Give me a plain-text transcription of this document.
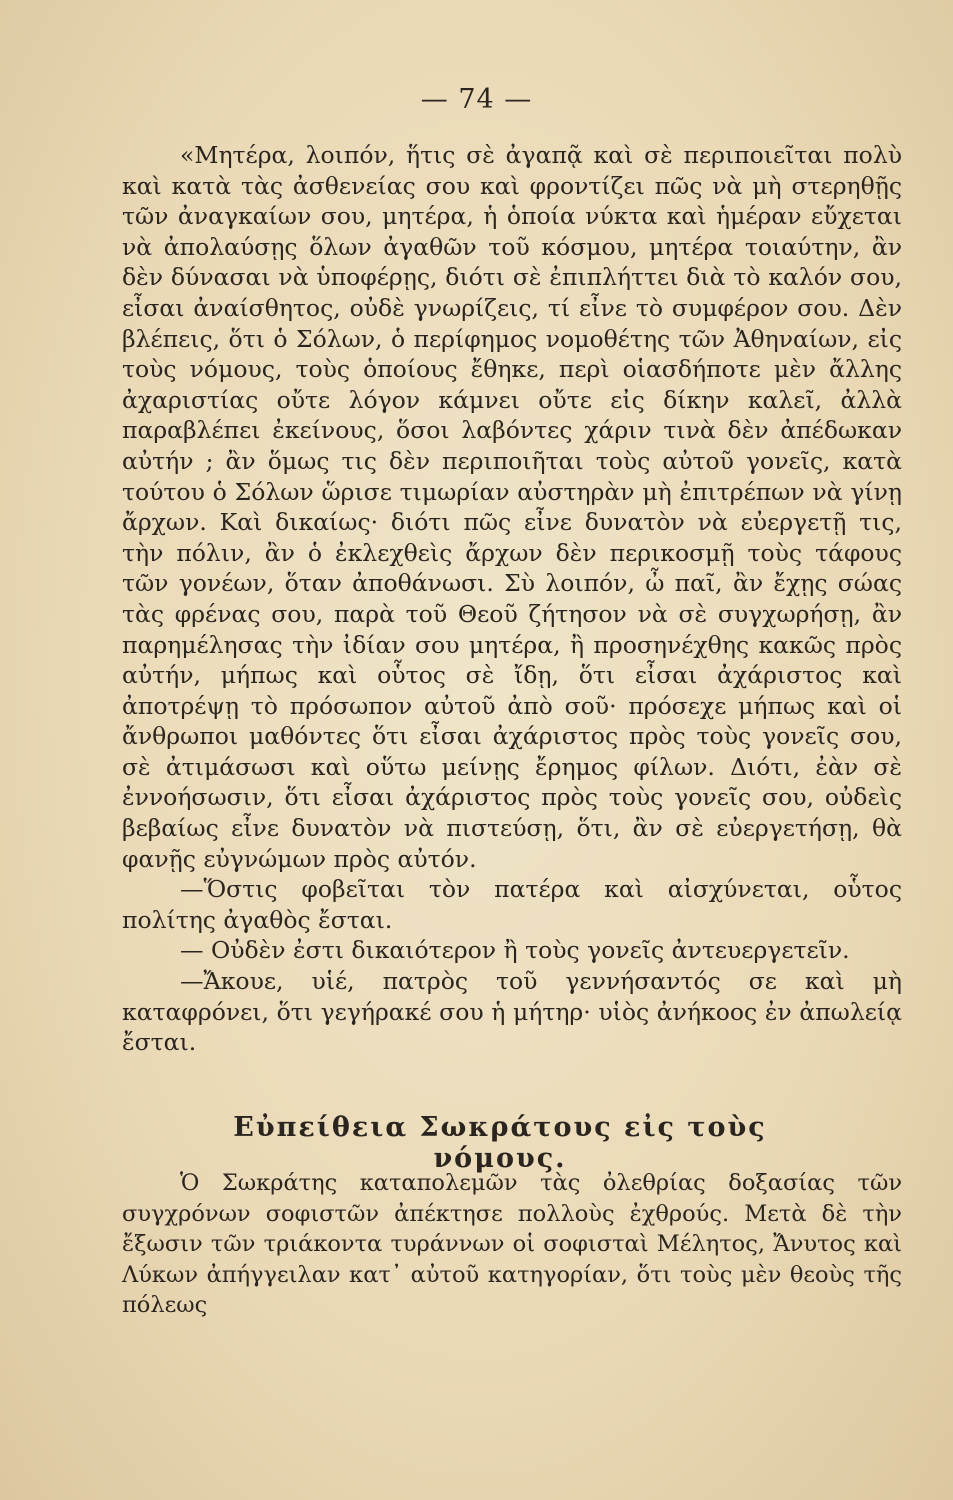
— 74 —

«Μητέρα, λοιπόν, ἥτις σὲ ἀγαπᾷ καὶ σὲ περιποιεῖται πολὺ καὶ κατὰ τὰς ἀσθενείας σου καὶ φροντίζει πῶς νὰ μὴ στερηθῇς τῶν ἀναγκαίων σου, μητέρα, ἡ ὁποία νύκτα καὶ ἡμέραν εὔχεται νὰ ἀπολαύσῃς ὅλων ἀγαθῶν τοῦ κόσμου, μητέρα τοιαύτην, ἂν δὲν δύνασαι νὰ ὑποφέρῃς, διότι σὲ ἐπιπλήττει διὰ τὸ καλόν σου, εἶσαι ἀναίσθητος, οὐδὲ γνωρίζεις, τί εἶνε τὸ συμφέρον σου. Δὲν βλέπεις, ὅτι ὁ Σόλων, ὁ περίφημος νομοθέτης τῶν Ἀθηναίων, εἰς τοὺς νόμους, τοὺς ὁποίους ἔθηκε, περὶ οἱασδήποτε μὲν ἄλλης ἀχαριστίας οὔτε λόγον κάμνει οὔτε εἰς δίκην καλεῖ, ἀλλὰ παραβλέπει ἐκείνους, ὅσοι λαβόντες χάριν τινὰ δὲν ἀπέδωκαν αὐτήν ; ἂν ὅμως τις δὲν περιποιῆται τοὺς αὐτοῦ γονεῖς, κατὰ τούτου ὁ Σόλων ὥρισε τιμωρίαν αὐστηρὰν μὴ ἐπιτρέπων νὰ γίνῃ ἄρχων. Καὶ δικαίως· διότι πῶς εἶνε δυνατὸν νὰ εὐεργετῇ τις, τὴν πόλιν, ἂν ὁ ἐκλεχθεὶς ἄρχων δὲν περικοσμῇ τοὺς τάφους τῶν γονέων, ὅταν ἀποθάνωσι. Σὺ λοιπόν, ὦ παῖ, ἂν ἔχῃς σώας τὰς φρένας σου, παρὰ τοῦ Θεοῦ ζήτησον νὰ σὲ συγχωρήσῃ, ἂν παρημέλησας τὴν ἰδίαν σου μητέρα, ἢ προσηνέχθης κακῶς πρὸς αὐτήν, μήπως καὶ οὗτος σὲ ἴδῃ, ὅτι εἶσαι ἀχάριστος καὶ ἀποτρέψῃ τὸ πρόσωπον αὐτοῦ ἀπὸ σοῦ· πρόσεχε μήπως καὶ οἱ ἄνθρωποι μαθόντες ὅτι εἶσαι ἀχάριστος πρὸς τοὺς γονεῖς σου, σὲ ἀτιμάσωσι καὶ οὕτω μείνῃς ἔρημος φίλων. Διότι, ἐὰν σὲ ἐννοήσωσιν, ὅτι εἶσαι ἀχάριστος πρὸς τοὺς γονεῖς σου, οὐδεὶς βεβαίως εἶνε δυνατὸν νὰ πιστεύσῃ, ὅτι, ἂν σὲ εὐεργετήσῃ, θὰ φανῇς εὐγνώμων πρὸς αὐτόν.

—Ὅστις φοβεῖται τὸν πατέρα καὶ αἰσχύνεται, οὗτος πολίτης ἀγαθὸς ἔσται.

— Οὐδὲν ἐστι δικαιότερον ἢ τοὺς γονεῖς ἀντευεργετεῖν.

—Ἄκουε, υἱέ, πατρὸς τοῦ γεννήσαντός σε καὶ μὴ καταφρόνει, ὅτι γεγήρακέ σου ἡ μήτηρ· υἱὸς ἀνήκοος ἐν ἀπωλείᾳ ἔσται.

Εὐπείθεια Σωκράτους εἰς τοὺς νόμους.

Ὁ Σωκράτης καταπολεμῶν τὰς ὀλεθρίας δοξασίας τῶν συγχρόνων σοφιστῶν ἀπέκτησε πολλοὺς ἐχθρούς. Μετὰ δὲ τὴν ἔξωσιν τῶν τριάκοντα τυράννων οἱ σοφισταὶ Μέλητος, Ἄνυτος καὶ Λύκων ἀπήγγειλαν κατ᾽ αὐτοῦ κατηγορίαν, ὅτι τοὺς μὲν θεοὺς τῆς πόλεως
